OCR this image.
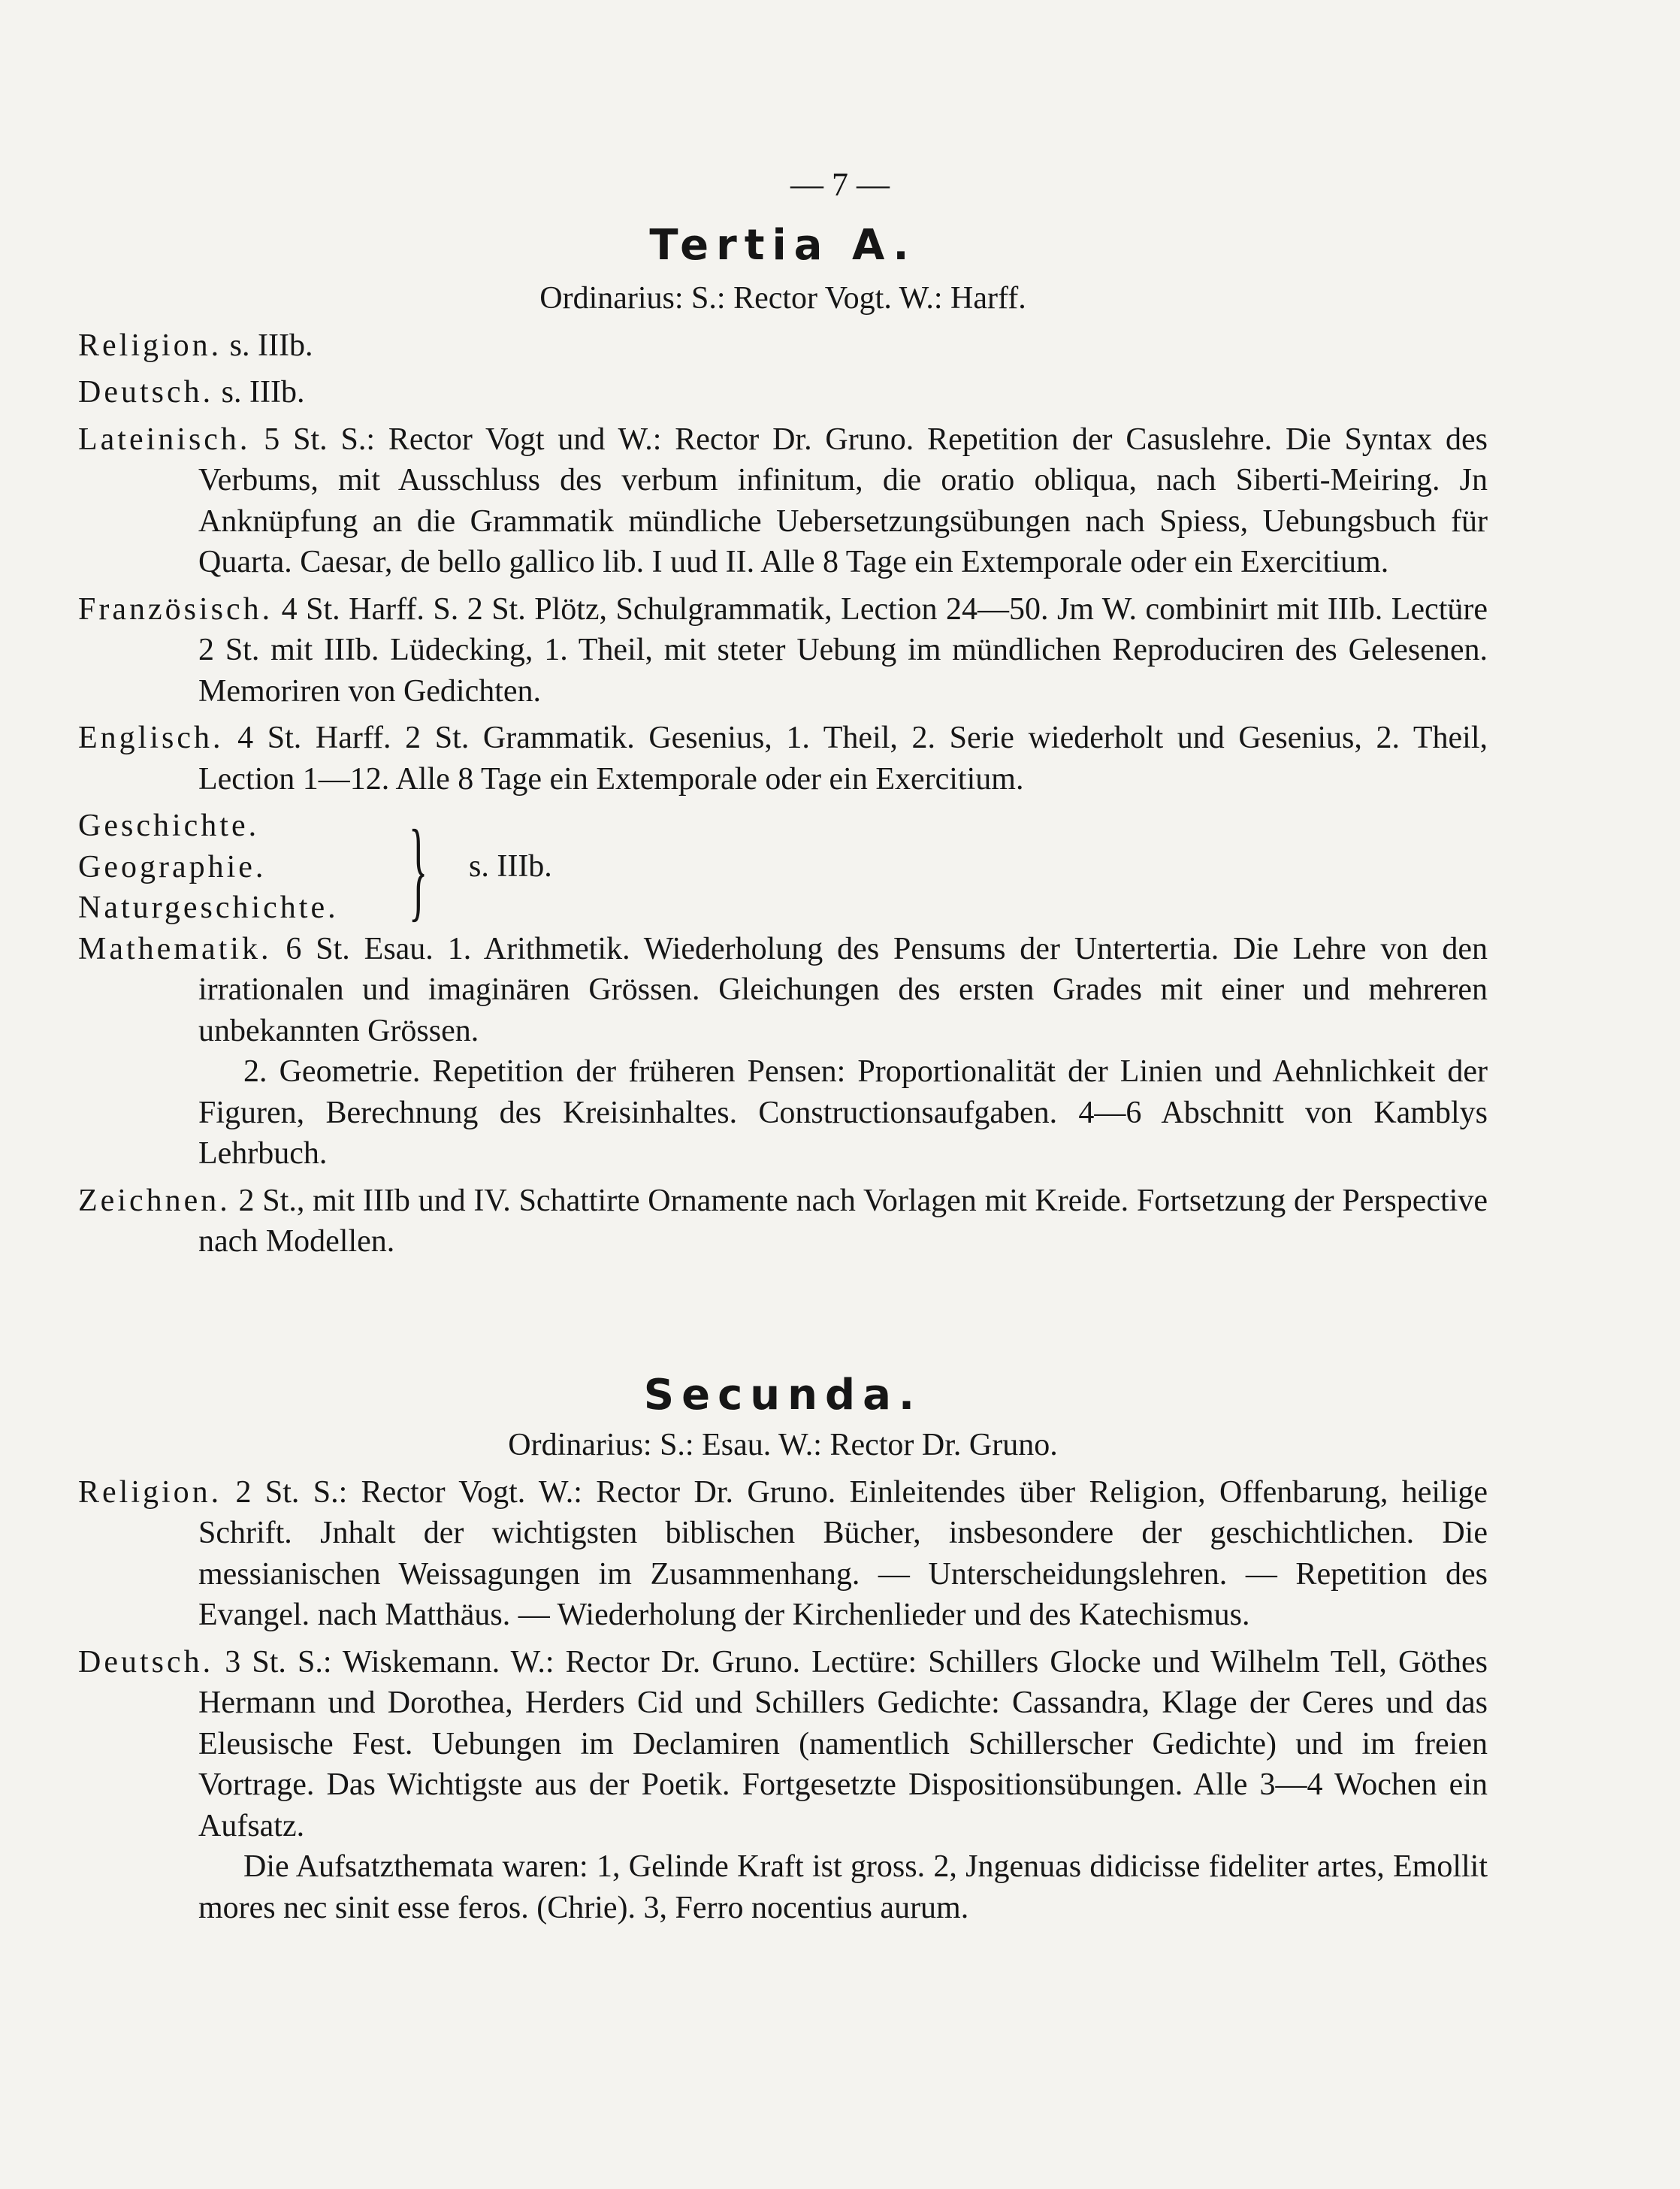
— 7 —
Tertia A.
Ordinarius: S.: Rector Vogt. W.: Harff.
Religion. s. IIIb.
Deutsch. s. IIIb.
Lateinisch. 5 St. S.: Rector Vogt und W.: Rector Dr. Gruno. Repetition der Casuslehre. Die Syntax des Verbums, mit Ausschluss des verbum infinitum, die oratio obliqua, nach Siberti-Meiring. Jn Anknüpfung an die Grammatik mündliche Uebersetzungsübungen nach Spiess, Uebungsbuch für Quarta. Caesar, de bello gallico lib. I uud II. Alle 8 Tage ein Extemporale oder ein Exercitium.
Französisch. 4 St. Harff. S. 2 St. Plötz, Schulgrammatik, Lection 24—50. Jm W. combinirt mit IIIb. Lectüre 2 St. mit IIIb. Lüdecking, 1. Theil, mit steter Uebung im mündlichen Reproduciren des Gelesenen. Memoriren von Gedichten.
Englisch. 4 St. Harff. 2 St. Grammatik. Gesenius, 1. Theil, 2. Serie wiederholt und Gesenius, 2. Theil, Lection 1—12. Alle 8 Tage ein Extemporale oder ein Exercitium.
Geschichte.
Geographie.
Naturgeschichte. } s. IIIb.
Mathematik. 6 St. Esau. 1. Arithmetik. Wiederholung des Pensums der Untertertia. Die Lehre von den irrationalen und imaginären Grössen. Gleichungen des ersten Grades mit einer und mehreren unbekannten Grössen.
2. Geometrie. Repetition der früheren Pensen: Proportionalität der Linien und Aehnlichkeit der Figuren, Berechnung des Kreisinhaltes. Constructionsaufgaben. 4—6 Abschnitt von Kamblys Lehrbuch.
Zeichnen. 2 St., mit IIIb und IV. Schattirte Ornamente nach Vorlagen mit Kreide. Fortsetzung der Perspective nach Modellen.
Secunda.
Ordinarius: S.: Esau. W.: Rector Dr. Gruno.
Religion. 2 St. S.: Rector Vogt. W.: Rector Dr. Gruno. Einleitendes über Religion, Offenbarung, heilige Schrift. Jnhalt der wichtigsten biblischen Bücher, insbesondere der geschichtlichen. Die messianischen Weissagungen im Zusammenhang. — Unterscheidungslehren. — Repetition des Evangel. nach Matthäus. — Wiederholung der Kirchenlieder und des Katechismus.
Deutsch. 3 St. S.: Wiskemann. W.: Rector Dr. Gruno. Lectüre: Schillers Glocke und Wilhelm Tell, Göthes Hermann und Dorothea, Herders Cid und Schillers Gedichte: Cassandra, Klage der Ceres und das Eleusische Fest. Uebungen im Declamiren (namentlich Schillerscher Gedichte) und im freien Vortrage. Das Wichtigste aus der Poetik. Fortgesetzte Dispositionsübungen. Alle 3—4 Wochen ein Aufsatz.
Die Aufsatzthemata waren: 1, Gelinde Kraft ist gross. 2, Jngenuas didicisse fideliter artes, Emollit mores nec sinit esse feros. (Chrie). 3, Ferro nocentius aurum.
